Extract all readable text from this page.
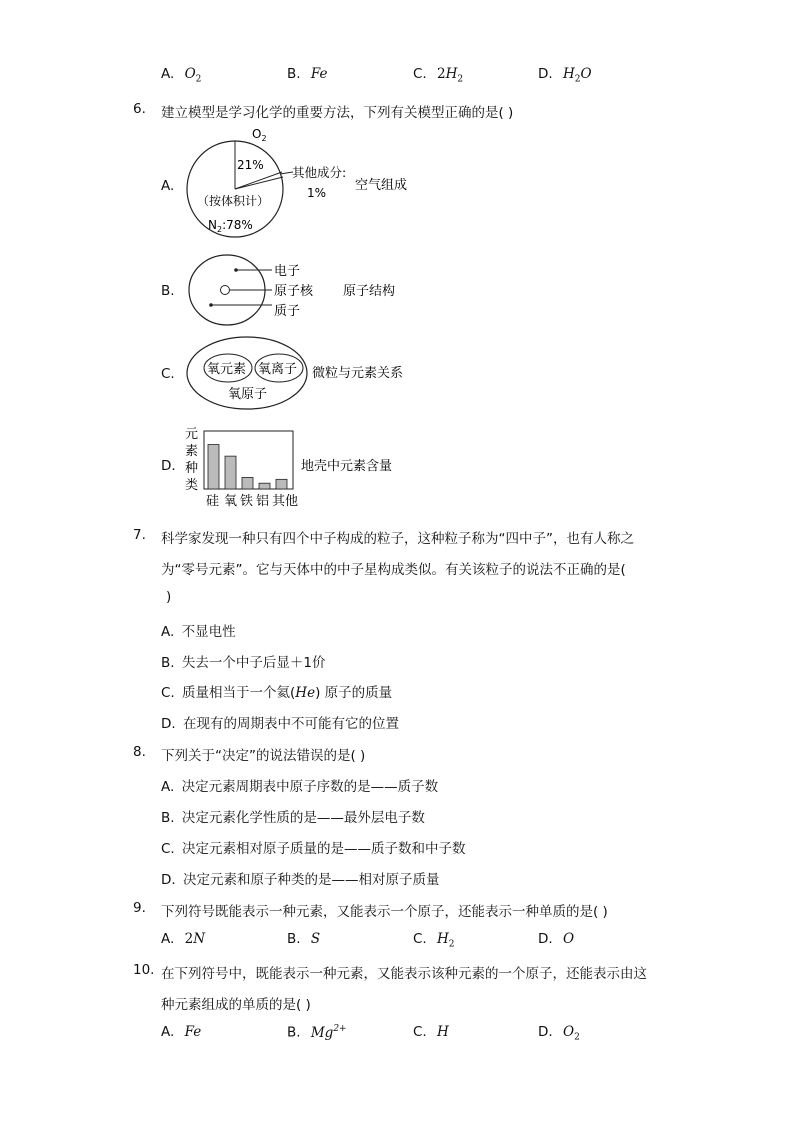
A. $O_2$	B. Fe	C. $2H_2$	D. $H_2O$
6. 建立模型是学习化学的重要方法，下列有关模型正确的是( )
A.
$O_2$
21% 其他成分:
1%
（按体积计）
$N_2:78\%$
空气组成
B.
电子
原子核
质子
原子结构
C. 氧元素 氧离子
氧原子
微粒与元素关系
D.
元
素
种
类
硅 氧 铁 铝 其他
地壳中元素含量
7. 科学家发现一种只有四个中子构成的粒子，这种粒子称为“四中子”，也有人称之
为“零号元素”。它与天体中的中子星构成类似。有关该粒子的说法不正确的是(
)
A. 不显电性
B. 失去一个中子后显＋1价
C. 质量相当于一个氦(He) 原子的质量
D. 在现有的周期表中不可能有它的位置
8. 下列关于“决定”的说法错误的是( )
A. 决定元素周期表中原子序数的是——质子数
B. 决定元素化学性质的是——最外层电子数
C. 决定元素相对原子质量的是——质子数和中子数
D. 决定元素和原子种类的是——相对原子质量
9. 下列符号既能表示一种元素，又能表示一个原子，还能表示一种单质的是( )
A. 2N	B. S	C. $H_2$	D. O
10. 在下列符号中，既能表示一种元素，又能表示该种元素的一个原子，还能表示由这
种元素组成的单质的是( )
A. Fe	B. $Mg^{2+}$	C. H	D. $O_2$
